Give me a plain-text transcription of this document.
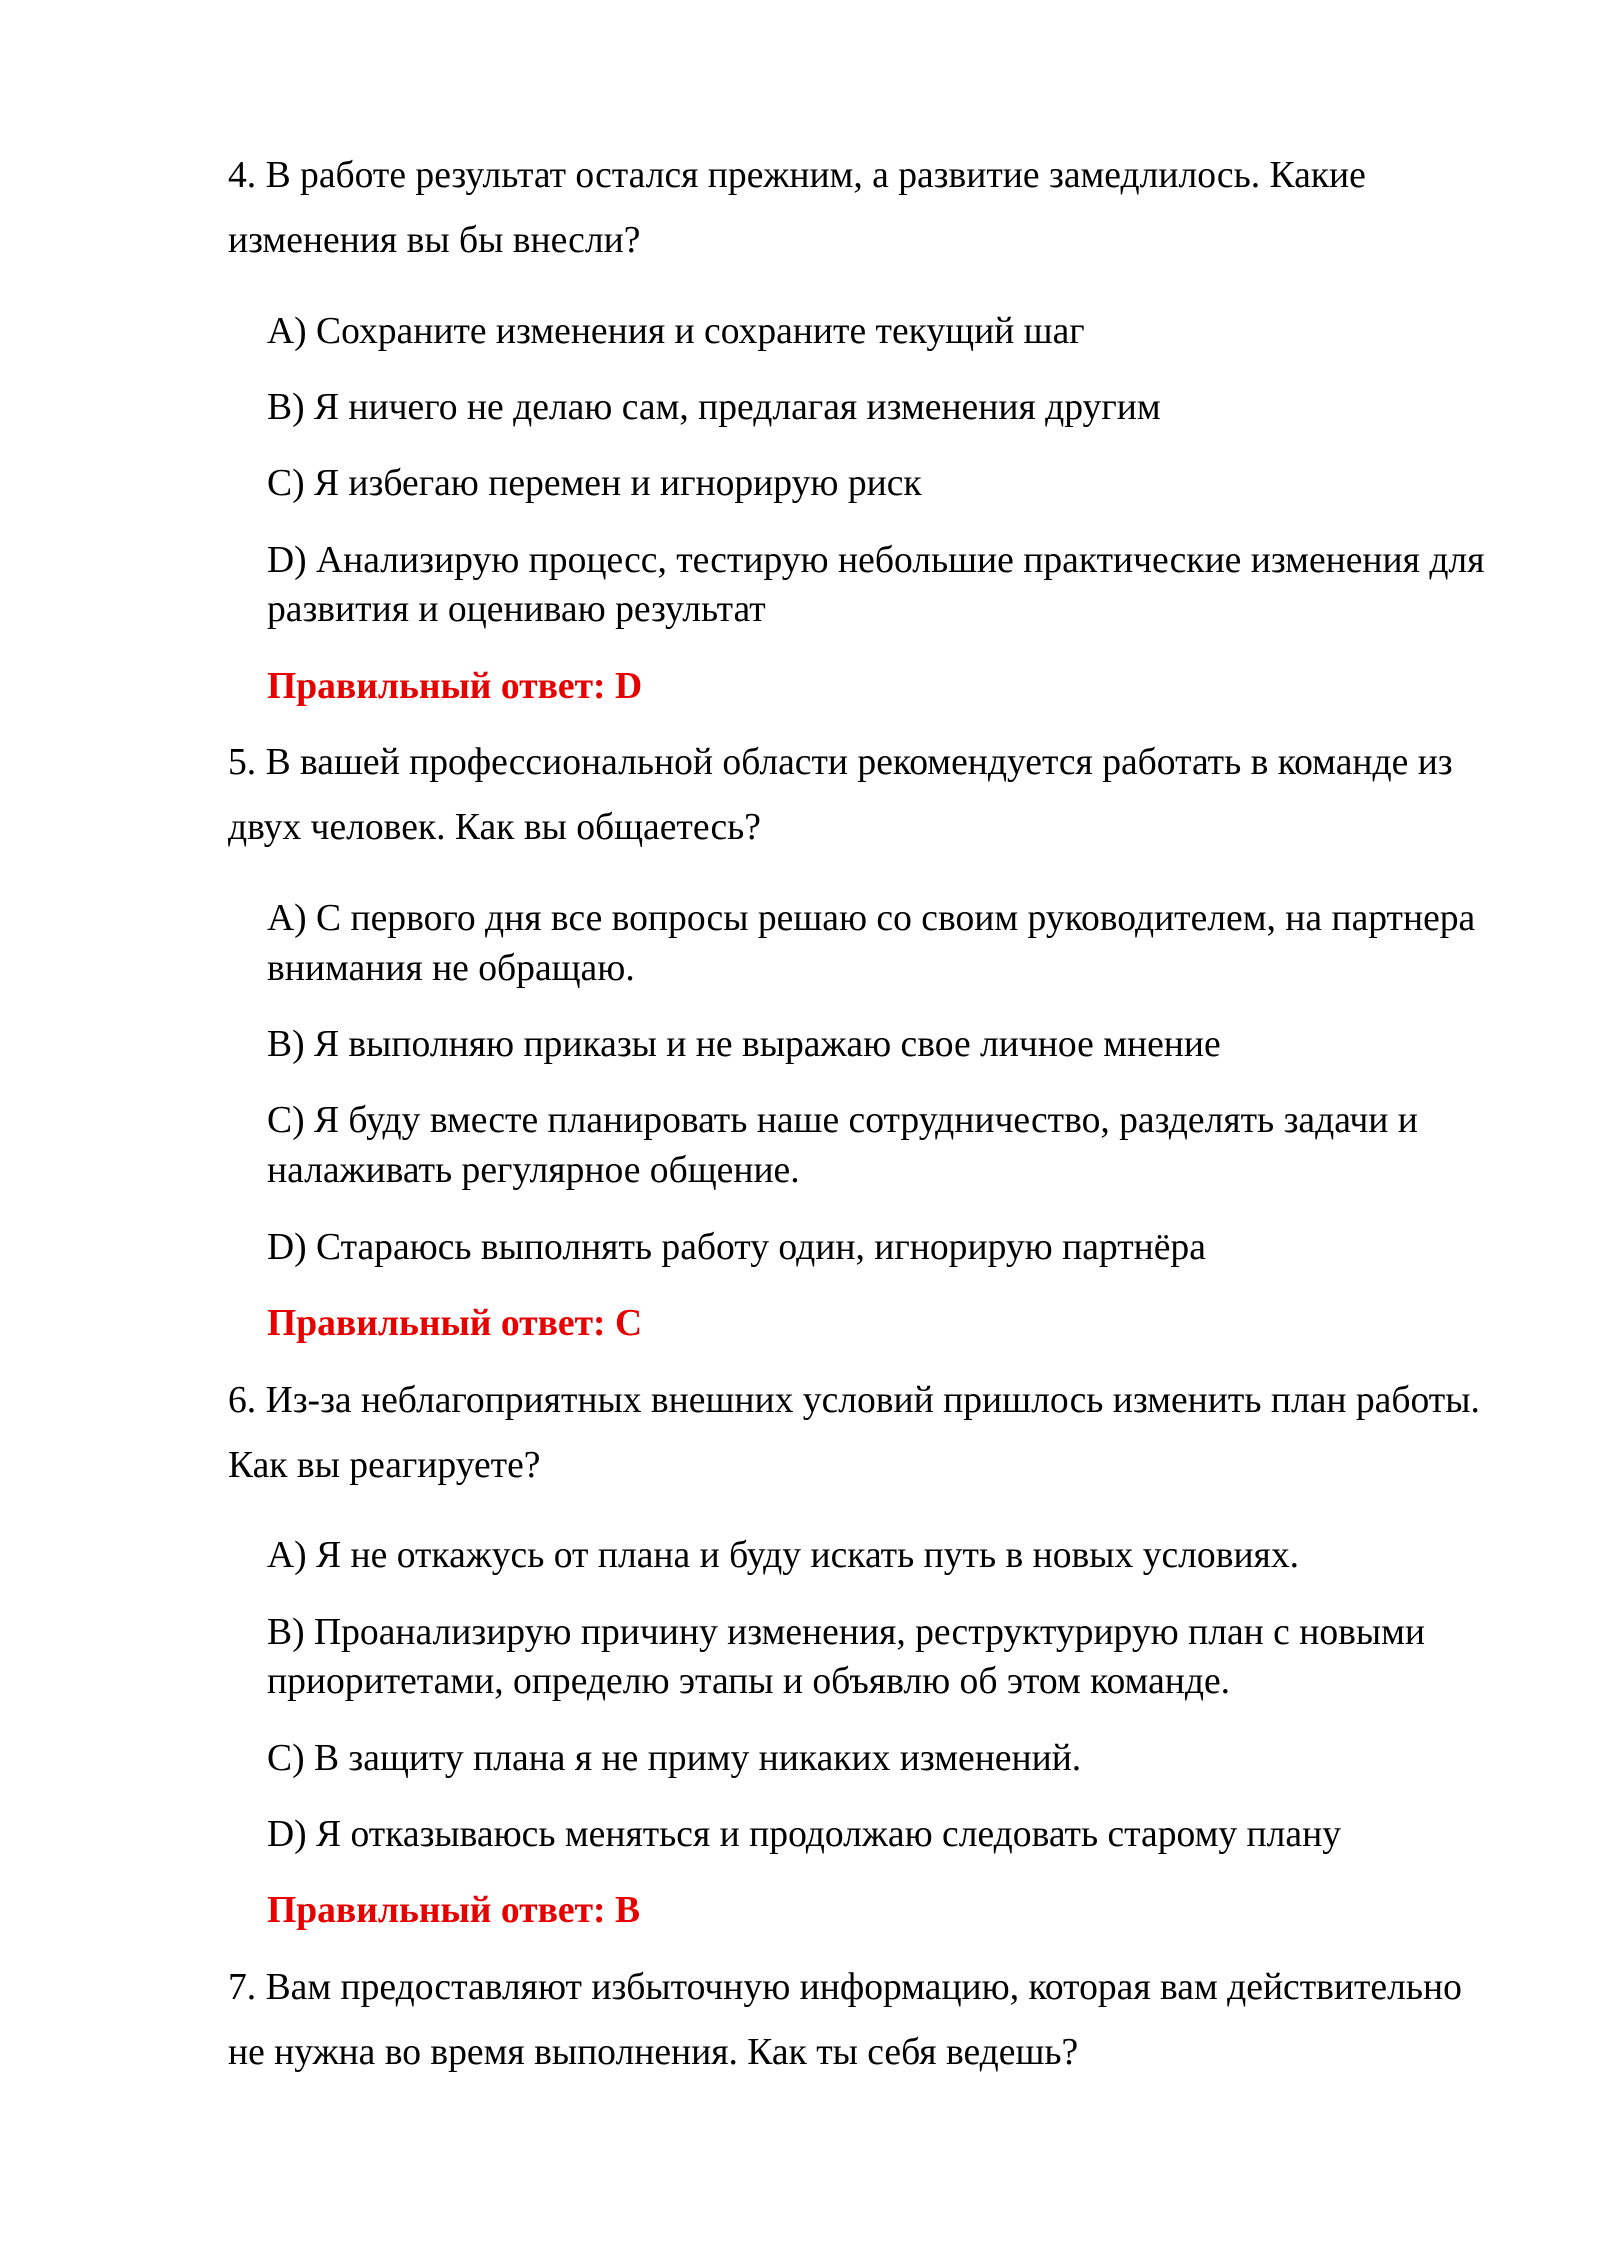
4. В работе результат остался прежним, а развитие замедлилось. Какие изменения вы бы внесли?

A) Сохраните изменения и сохраните текущий шаг

B) Я ничего не делаю сам, предлагая изменения другим

C) Я избегаю перемен и игнорирую риск

D) Анализирую процесс, тестирую небольшие практические изменения для развития и оцениваю результат

Правильный ответ: D

5. В вашей профессиональной области рекомендуется работать в команде из двух человек. Как вы общаетесь?

A) С первого дня все вопросы решаю со своим руководителем, на партнера внимания не обращаю.

B) Я выполняю приказы и не выражаю свое личное мнение

C) Я буду вместе планировать наше сотрудничество, разделять задачи и налаживать регулярное общение.

D) Стараюсь выполнять работу один, игнорирую партнёра

Правильный ответ: C

6. Из-за неблагоприятных внешних условий пришлось изменить план работы. Как вы реагируете?

A) Я не откажусь от плана и буду искать путь в новых условиях.

B) Проанализирую причину изменения, реструктурирую план с новыми приоритетами, определю этапы и объявлю об этом команде.

C) В защиту плана я не приму никаких изменений.

D) Я отказываюсь меняться и продолжаю следовать старому плану

Правильный ответ: B

7. Вам предоставляют избыточную информацию, которая вам действительно не нужна во время выполнения. Как ты себя ведешь?
